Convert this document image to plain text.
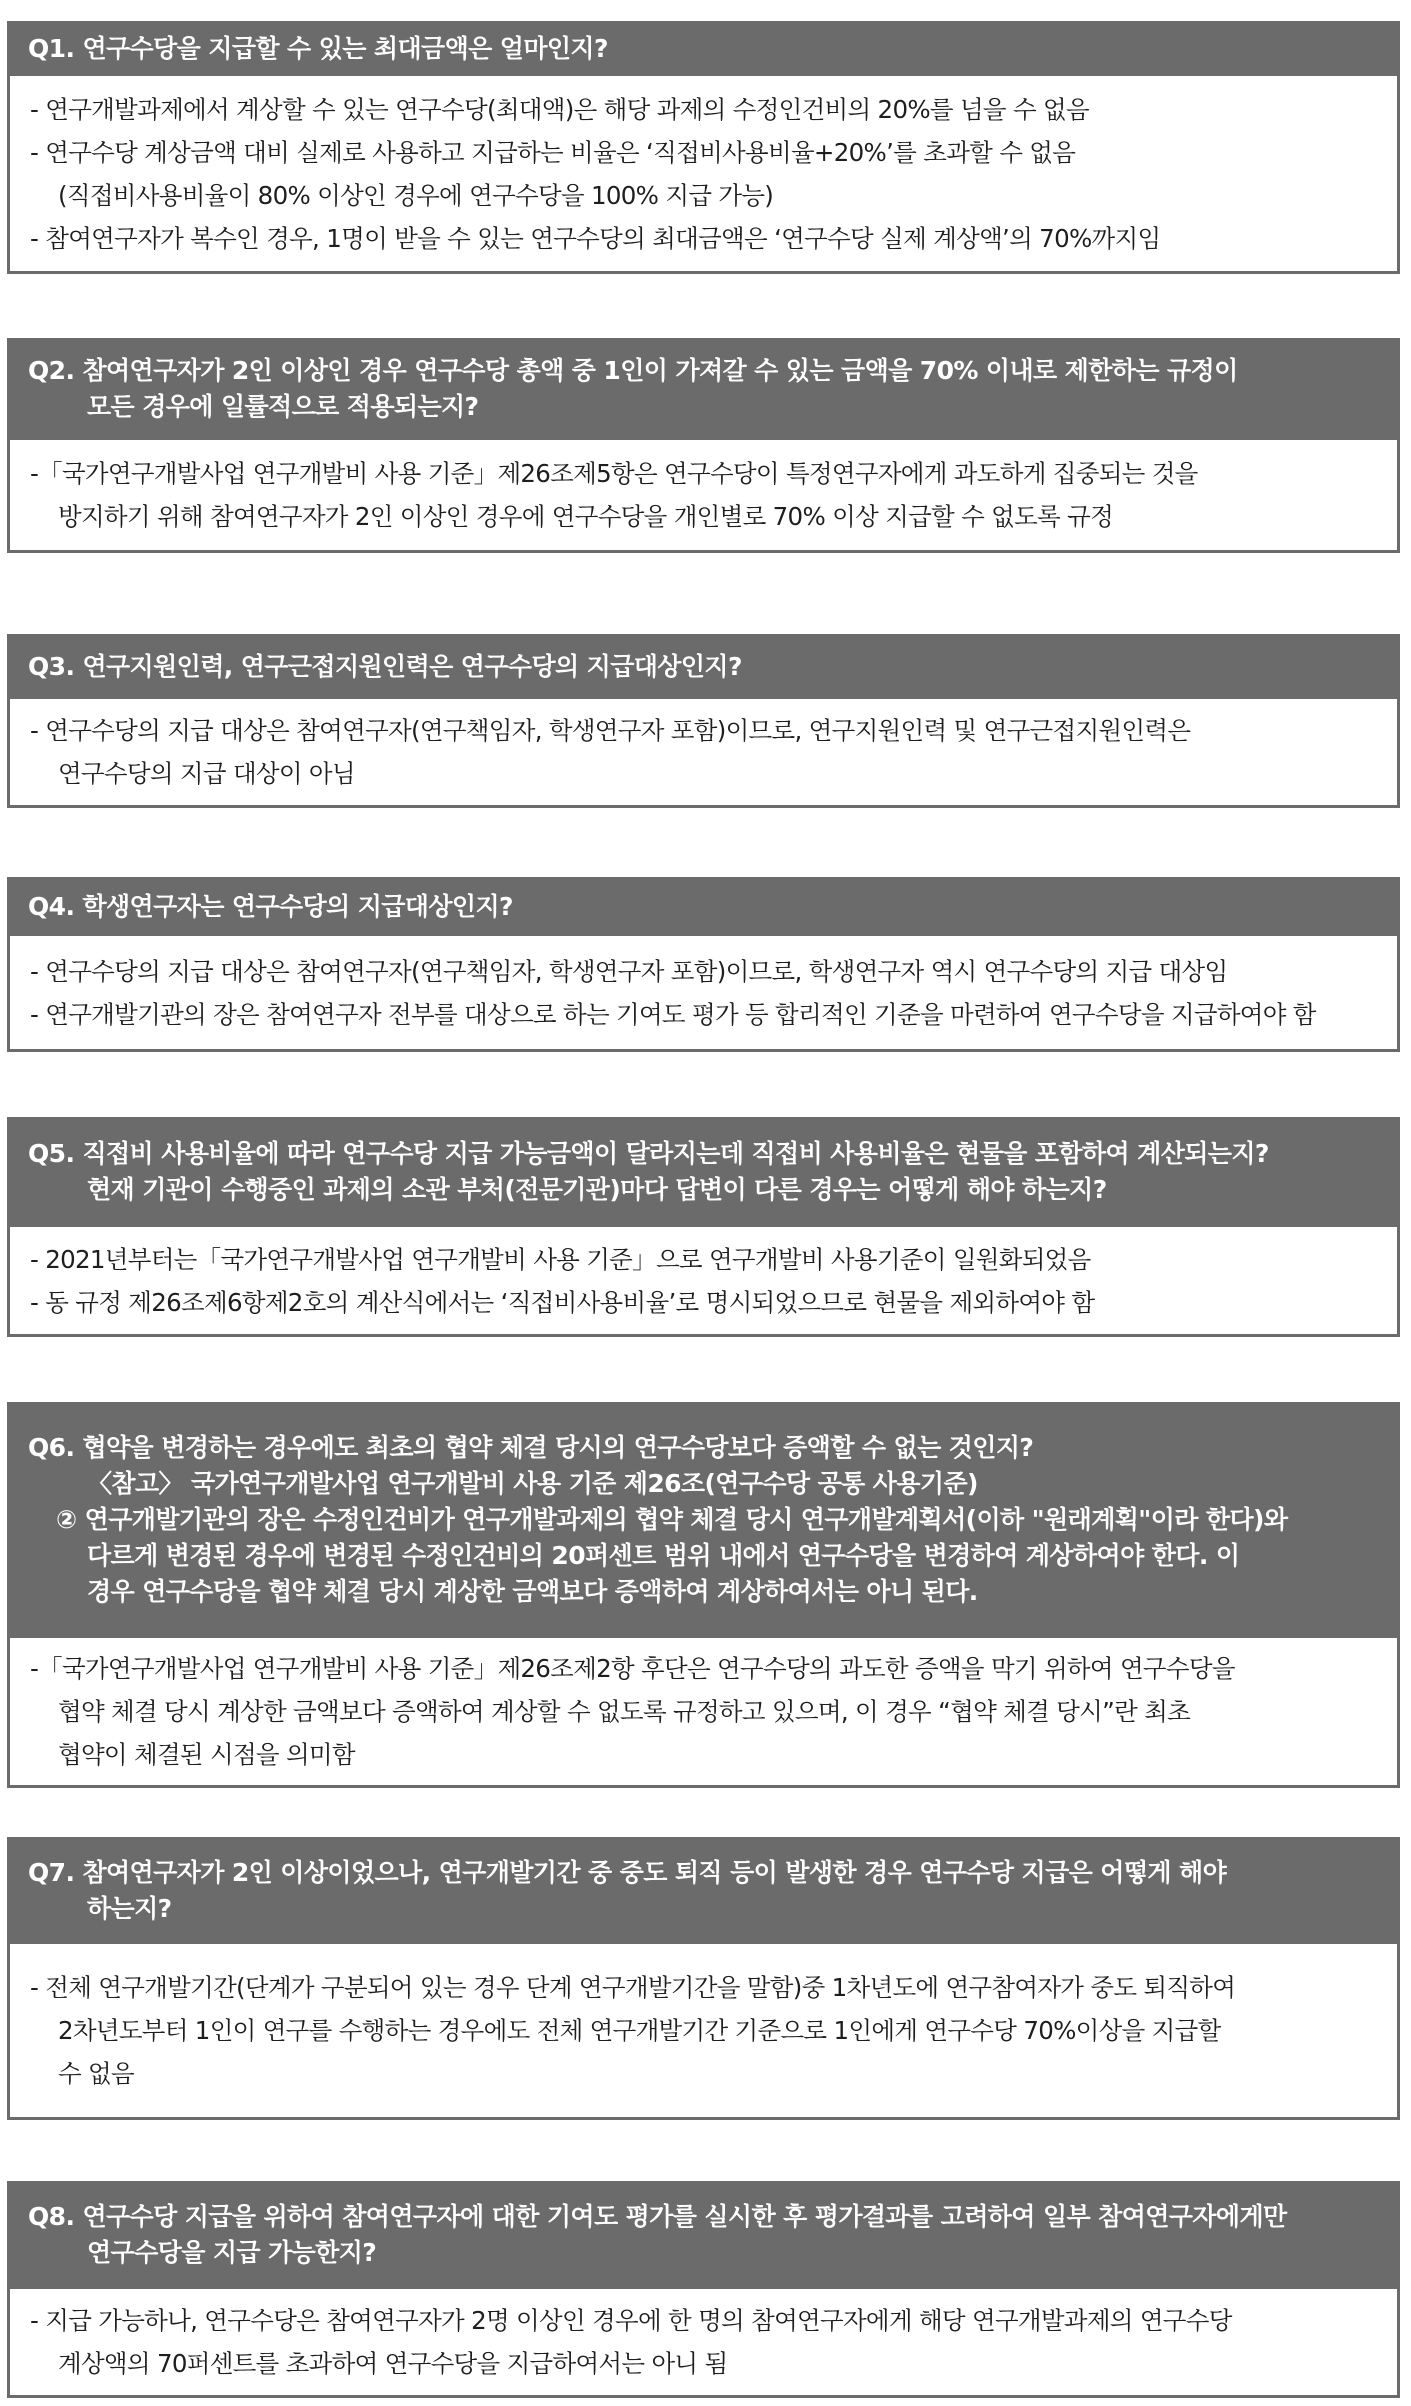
Q1. 연구수당을 지급할 수 있는 최대금액은 얼마인지?
- 연구개발과제에서 계상할 수 있는 연구수당(최대액)은 해당 과제의 수정인건비의 20%를 넘을 수 없음
- 연구수당 계상금액 대비 실제로 사용하고 지급하는 비율은 ‘직접비사용비율+20%’를 초과할 수 없음
(직접비사용비율이 80% 이상인 경우에 연구수당을 100% 지급 가능)
- 참여연구자가 복수인 경우, 1명이 받을 수 있는 연구수당의 최대금액은 ‘연구수당 실제 계상액’의 70%까지임
Q2. 참여연구자가 2인 이상인 경우 연구수당 총액 중 1인이 가져갈 수 있는 금액을 70% 이내로 제한하는 규정이
모든 경우에 일률적으로 적용되는지?
-「국가연구개발사업 연구개발비 사용 기준」제26조제5항은 연구수당이 특정연구자에게 과도하게 집중되는 것을
방지하기 위해 참여연구자가 2인 이상인 경우에 연구수당을 개인별로 70% 이상 지급할 수 없도록 규정
Q3. 연구지원인력, 연구근접지원인력은 연구수당의 지급대상인지?
- 연구수당의 지급 대상은 참여연구자(연구책임자, 학생연구자 포함)이므로, 연구지원인력 및 연구근접지원인력은
연구수당의 지급 대상이 아님
Q4. 학생연구자는 연구수당의 지급대상인지?
- 연구수당의 지급 대상은 참여연구자(연구책임자, 학생연구자 포함)이므로, 학생연구자 역시 연구수당의 지급 대상임
- 연구개발기관의 장은 참여연구자 전부를 대상으로 하는 기여도 평가 등 합리적인 기준을 마련하여 연구수당을 지급하여야 함
Q5. 직접비 사용비율에 따라 연구수당 지급 가능금액이 달라지는데 직접비 사용비율은 현물을 포함하여 계산되는지?
현재 기관이 수행중인 과제의 소관 부처(전문기관)마다 답변이 다른 경우는 어떻게 해야 하는지?
- 2021년부터는「국가연구개발사업 연구개발비 사용 기준」으로 연구개발비 사용기준이 일원화되었음
- 동 규정 제26조제6항제2호의 계산식에서는 ‘직접비사용비율’로 명시되었으므로 현물을 제외하여야 함
Q6. 협약을 변경하는 경우에도 최초의 협약 체결 당시의 연구수당보다 증액할 수 없는 것인지?
〈참고〉 국가연구개발사업 연구개발비 사용 기준 제26조(연구수당 공통 사용기준)
② 연구개발기관의 장은 수정인건비가 연구개발과제의 협약 체결 당시 연구개발계획서(이하 "원래계획"이라 한다)와
다르게 변경된 경우에 변경된 수정인건비의 20퍼센트 범위 내에서 연구수당을 변경하여 계상하여야 한다. 이
경우 연구수당을 협약 체결 당시 계상한 금액보다 증액하여 계상하여서는 아니 된다.
-「국가연구개발사업 연구개발비 사용 기준」제26조제2항 후단은 연구수당의 과도한 증액을 막기 위하여 연구수당을
협약 체결 당시 계상한 금액보다 증액하여 계상할 수 없도록 규정하고 있으며, 이 경우 “협약 체결 당시”란 최초
협약이 체결된 시점을 의미함
Q7. 참여연구자가 2인 이상이었으나, 연구개발기간 중 중도 퇴직 등이 발생한 경우 연구수당 지급은 어떻게 해야
하는지?
- 전체 연구개발기간(단계가 구분되어 있는 경우 단계 연구개발기간을 말함)중 1차년도에 연구참여자가 중도 퇴직하여
2차년도부터 1인이 연구를 수행하는 경우에도 전체 연구개발기간 기준으로 1인에게 연구수당 70%이상을 지급할
수 없음
Q8. 연구수당 지급을 위하여 참여연구자에 대한 기여도 평가를 실시한 후 평가결과를 고려하여 일부 참여연구자에게만
연구수당을 지급 가능한지?
- 지급 가능하나, 연구수당은 참여연구자가 2명 이상인 경우에 한 명의 참여연구자에게 해당 연구개발과제의 연구수당
계상액의 70퍼센트를 초과하여 연구수당을 지급하여서는 아니 됨
